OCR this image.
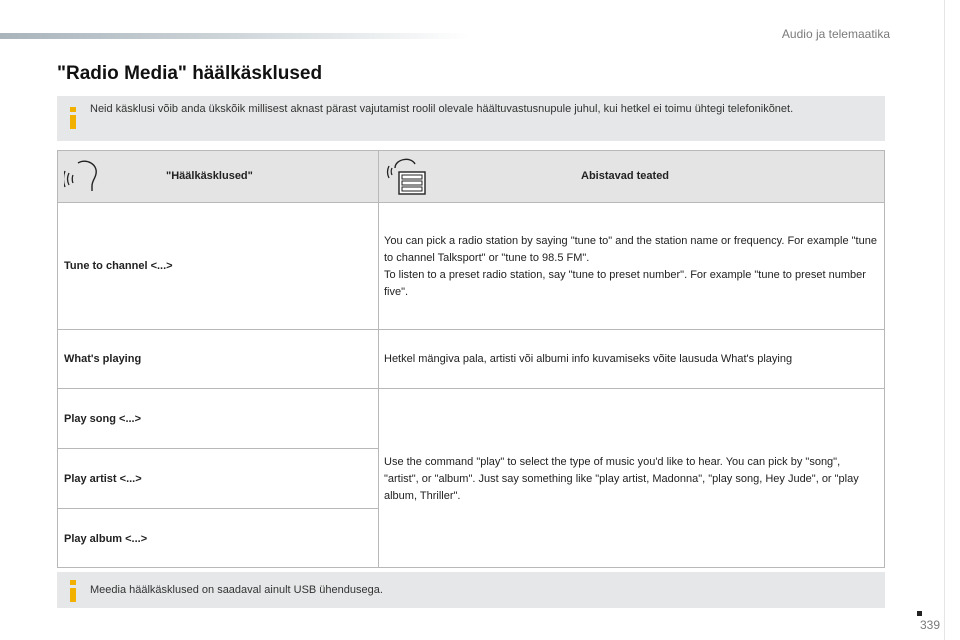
Audio ja telemaatika
"Radio Media" häälkäsklused
Neid käsklusi võib anda ükskõik millisest aknast pärast vajutamist roolil olevale häältuvastusnupule juhul, kui hetkel ei toimu ühtegi telefonikõnet.
"Häälkäsklused"	Abistavad teated
Tune to channel <...>
You can pick a radio station by saying "tune to" and the station name or frequency. For example "tune to channel Talksport" or "tune to 98.5 FM".
To listen to a preset radio station, say "tune to preset number". For example "tune to preset number five".
What's playing	Hetkel mängiva pala, artisti või albumi info kuvamiseks võite lausuda What's playing
Play song <...>
Play artist <...>
Play album <...>
Use the command "play" to select the type of music you'd like to hear. You can pick by "song", "artist", or "album". Just say something like "play artist, Madonna", "play song, Hey Jude", or "play album, Thriller".
Meedia häälkäsklused on saadaval ainult USB ühendusega.
339
